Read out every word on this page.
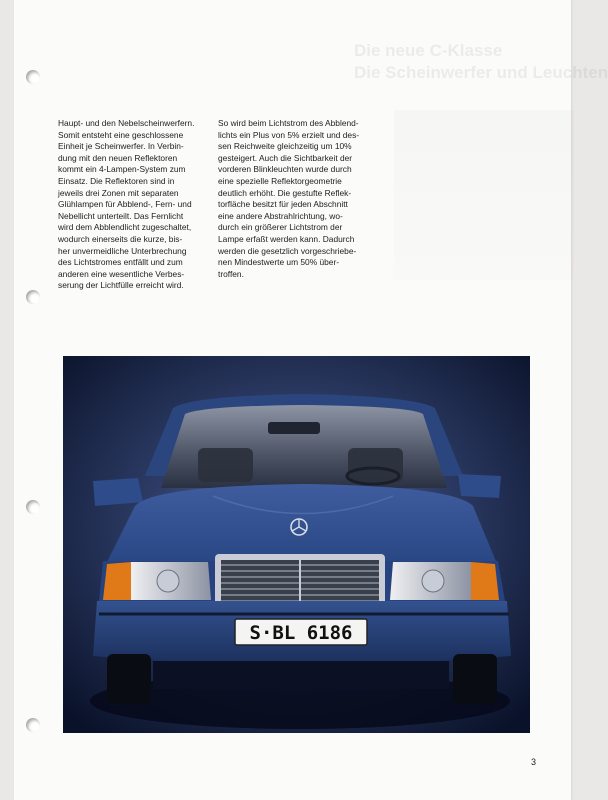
Die neue C-Klasse
Die Scheinwerfer und Leuchten

Haupt- und den Nebelscheinwerfern.
Somit entsteht eine geschlossene
Einheit je Scheinwerfer. In Verbin-
dung mit den neuen Reflektoren
kommt ein 4-Lampen-System zum
Einsatz. Die Reflektoren sind in
jeweils drei Zonen mit separaten
Glühlampen für Abblend-, Fern- und
Nebellicht unterteilt. Das Fernlicht
wird dem Abblendlicht zugeschaltet,
wodurch einerseits die kurze, bis-
her unvermeidliche Unterbrechung
des Lichtstromes entfällt und zum
anderen eine wesentliche Verbes-
serung der Lichtfülle erreicht wird.

So wird beim Lichtstrom des Abblend-
lichts ein Plus von 5% erzielt und des-
sen Reichweite gleichzeitig um 10%
gesteigert. Auch die Sichtbarkeit der
vorderen Blinkleuchten wurde durch
eine spezielle Reflektorgeometrie
deutlich erhöht. Die gestufte Reflek-
torfläche besitzt für jeden Abschnitt
eine andere Abstrahlrichtung, wo-
durch ein größerer Lichtstrom der
Lampe erfaßt werden kann. Dadurch
werden die gesetzlich vorgeschriebe-
nen Mindestwerte um 50% über-
troffen.

S·BL 6186
3
